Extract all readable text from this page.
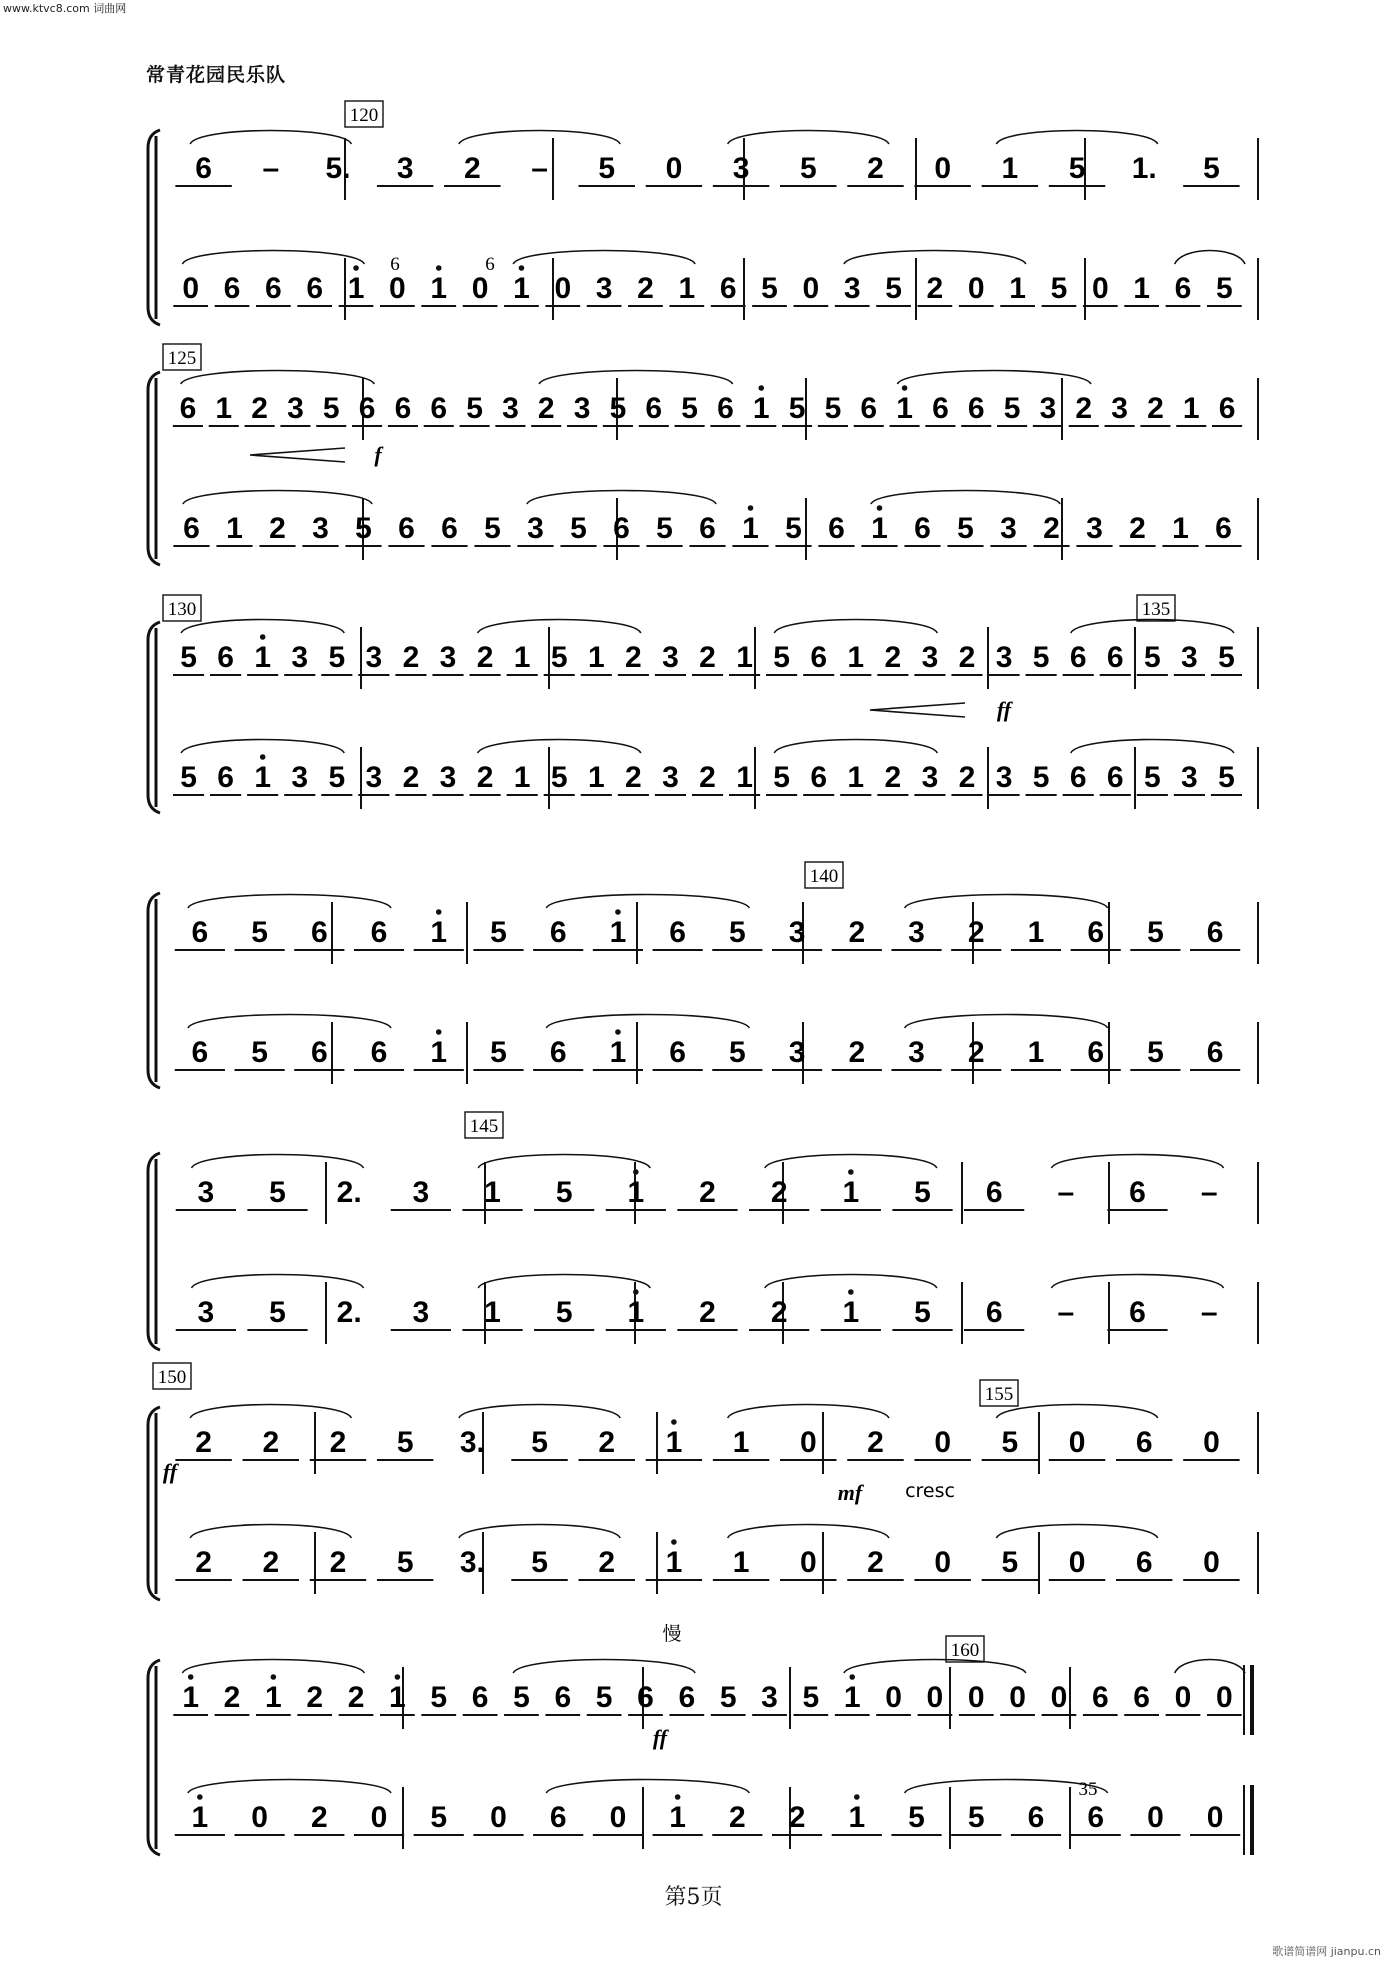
www.ktvc8.com 词曲网
常青花园民乐队
6 – 5. 3 2 – 5 0 3 5 2 0 1 5 1. 5
0 6 6 6 1 0 1 0 1 0 3 2 1 6 5 0 3 5 2 0 1 5 0 1 6 5
6 1 2 3 5 6 6 6 5 3 2 3 5 6 5 6 1 5 5 6 1 6 6 5 3 2 3 2 1 6
6 1 2 3 5 6 6 5 3 5 6 5 6 1 5 6 1 6 5 3 2 3 2 1 6
5 6 1 3 5 3 2 3 2 1 5 1 2 3 2 1 5 6 1 2 3 2 3 5 6 6 5 3 5
5 6 1 3 5 3 2 3 2 1 5 1 2 3 2 1 5 6 1 2 3 2 3 5 6 6 5 3 5
6 5 6 6 1 5 6 1 6 5 3 2 3 2 1 6 5 6
6 5 6 6 1 5 6 1 6 5 3 2 3 2 1 6 5 6
3 5 2. 3 1 5 1 2 2 1 5 6 – 6 –
3 5 2. 3 1 5 1 2 2 1 5 6 – 6 –
2 2 2 5 3. 5 2 1 1 0 2 0 5 0 6 0
2 2 2 5 3. 5 2 1 1 0 2 0 5 0 6 0
1 2 1 2 2 1 5 6 5 6 5 6 6 5 3 5 1 0 0 0 0 0 6 6 0 0
1 0 2 0 5 0 6 0 1 2 2 1 5 5 6 6 0 0
120
125
130	135
140
145
150
155
160
f
ff
ff
mf cresc
慢
ff
6	6
35
第5页
歌谱简谱网 jianpu.cn
